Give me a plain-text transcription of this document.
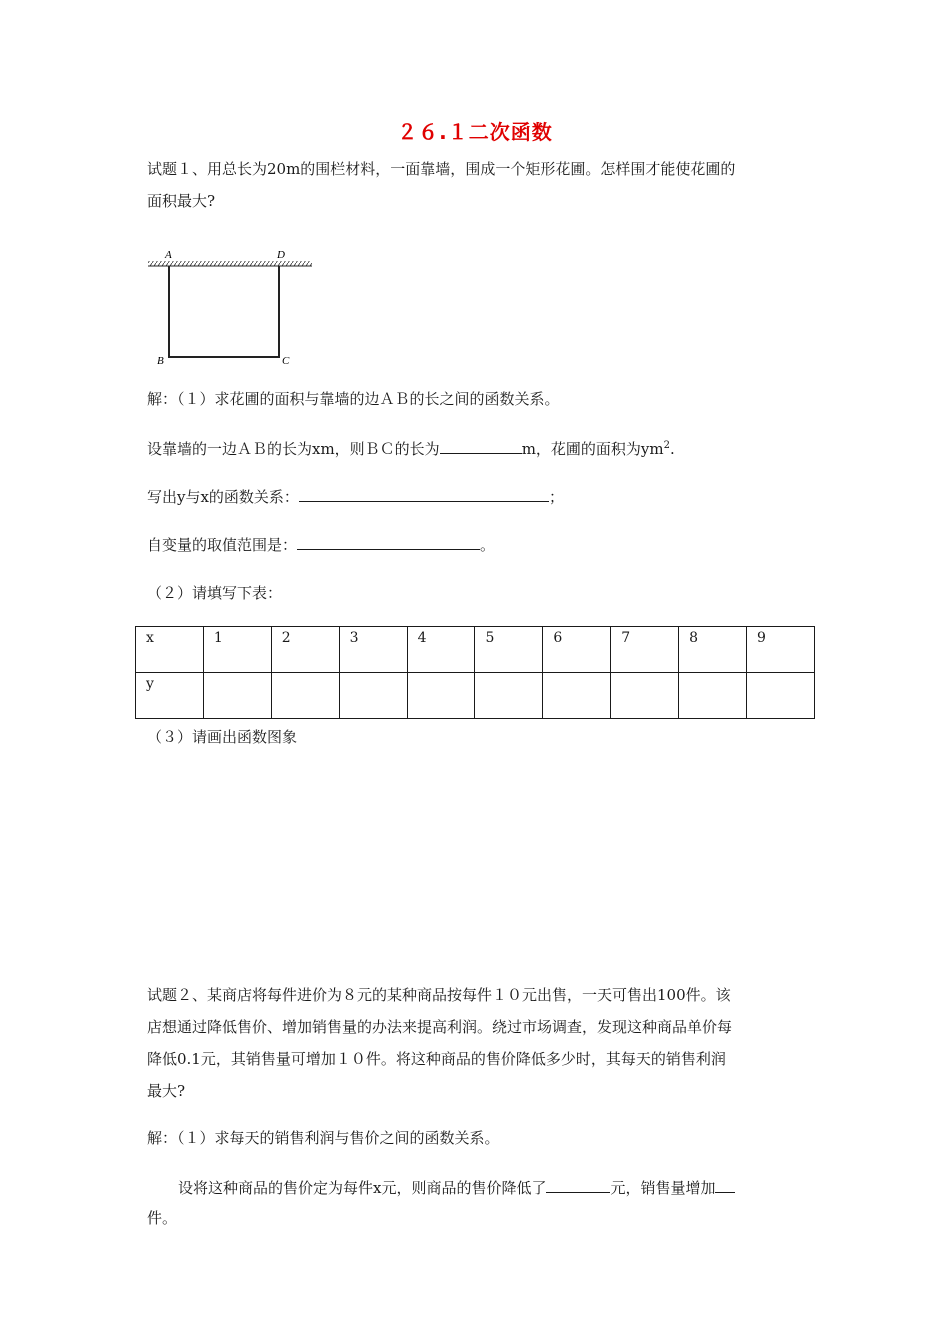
２６.１二次函数
试题１、用总长为20m的围栏材料，一面靠墙，围成一个矩形花圃。怎样围才能使花圃的
面积最大?
A	D
B	C
解：（１）求花圃的面积与靠墙的边ＡＢ的长之间的函数关系。
设靠墙的一边ＡＢ的长为xm，则ＢＣ的长为	m，花圃的面积为$ym^2$.
写出y与x的函数关系：	；
自变量的取值范围是：	。
（２）请填写下表：
x	1	2	3	4	5	6	7	8	9
y									
（３）请画出函数图象
试题２、某商店将每件进价为８元的某种商品按每件１０元出售，一天可售出100件。该
店想通过降低售价、增加销售量的办法来提高利润。绕过市场调查，发现这种商品单价每
降低0.1元，其销售量可增加１０件。将这种商品的售价降低多少时，其每天的销售利润
最大?
解：（１）求每天的销售利润与售价之间的函数关系。
设将这种商品的售价定为每件x元，则商品的售价降低了	元，销售量增加
件。
